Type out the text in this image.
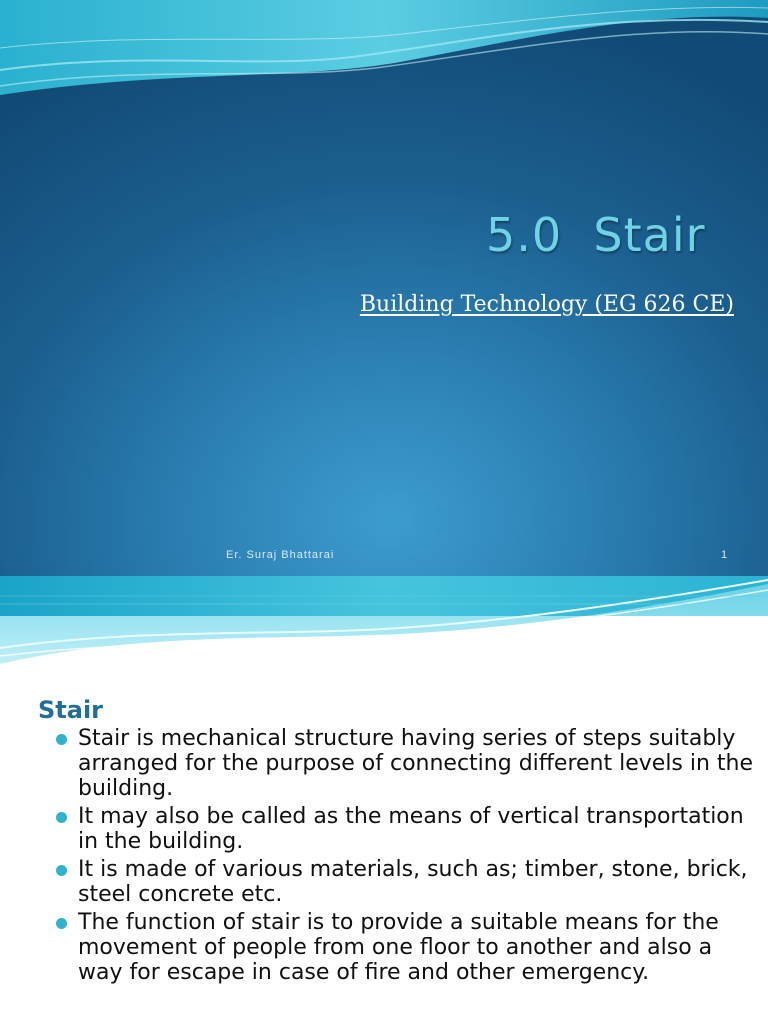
5.0  Stair
Building Technology (EG 626 CE)
Er. Suraj Bhattarai	1
Stair
Stair is mechanical structure having series of steps suitably arranged for the purpose of connecting different levels in the building.
It may also be called as the means of vertical transportation in the building.
It is made of various materials, such as; timber, stone, brick, steel concrete etc.
The function of stair is to provide a suitable means for the movement of people from one floor to another and also a way for escape in case of fire and other emergency.
